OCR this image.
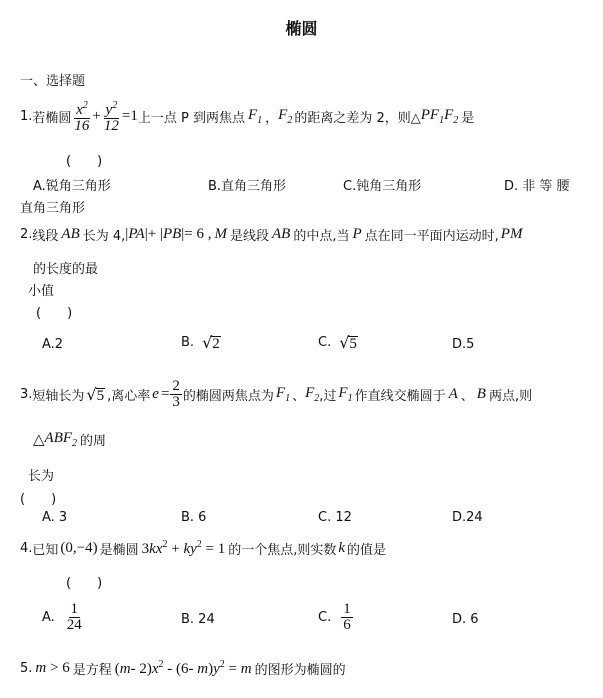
椭圆
一、选择题
1. 若椭圆 $\frac{x^2}{16} + \frac{y^2}{12} =1$ 上一点 P 到两焦点 $F_1$ ， $F_2$ 的距离之差为 2，则△ $PF_1F_2$ 是
(　　)
A.锐角三角形	B.直角三角形	C.钝角三角形	D. 非 等 腰
直角三角形
2. 线段 AB 长为 4, |PA|+ |PB|= 6 , M 是线段 AB 的中点,当 P 点在同一平面内运动时, PM
的长度的最
小值
(　　)
A.2	B. √ 2	C. √ 5	D.5
3. 短轴长为 √ 5 ,离心率 $e = \frac{2}{3}$ 的椭圆两焦点为 $F_1$ 、 $F_2$ ,过 $F_1$ 作直线交椭圆于 A 、 B 两点,则
△ $ABF_2$ 的周
长为
(　　)
A. 3	B. 6	C. 12	D.24
4. 已知 (0,−4) 是椭圆 $3kx^2 + ky^2 = 1$ 的一个焦点,则实数 k 的值是
(　　)
A. $\frac{1}{24}$	B. 24	C. $\frac{1}{6}$	D. 6
5. m > 6 是方程 (m- $2)x^2 - (6-$ $m)y^2 = m$ 的图形为椭圆的
